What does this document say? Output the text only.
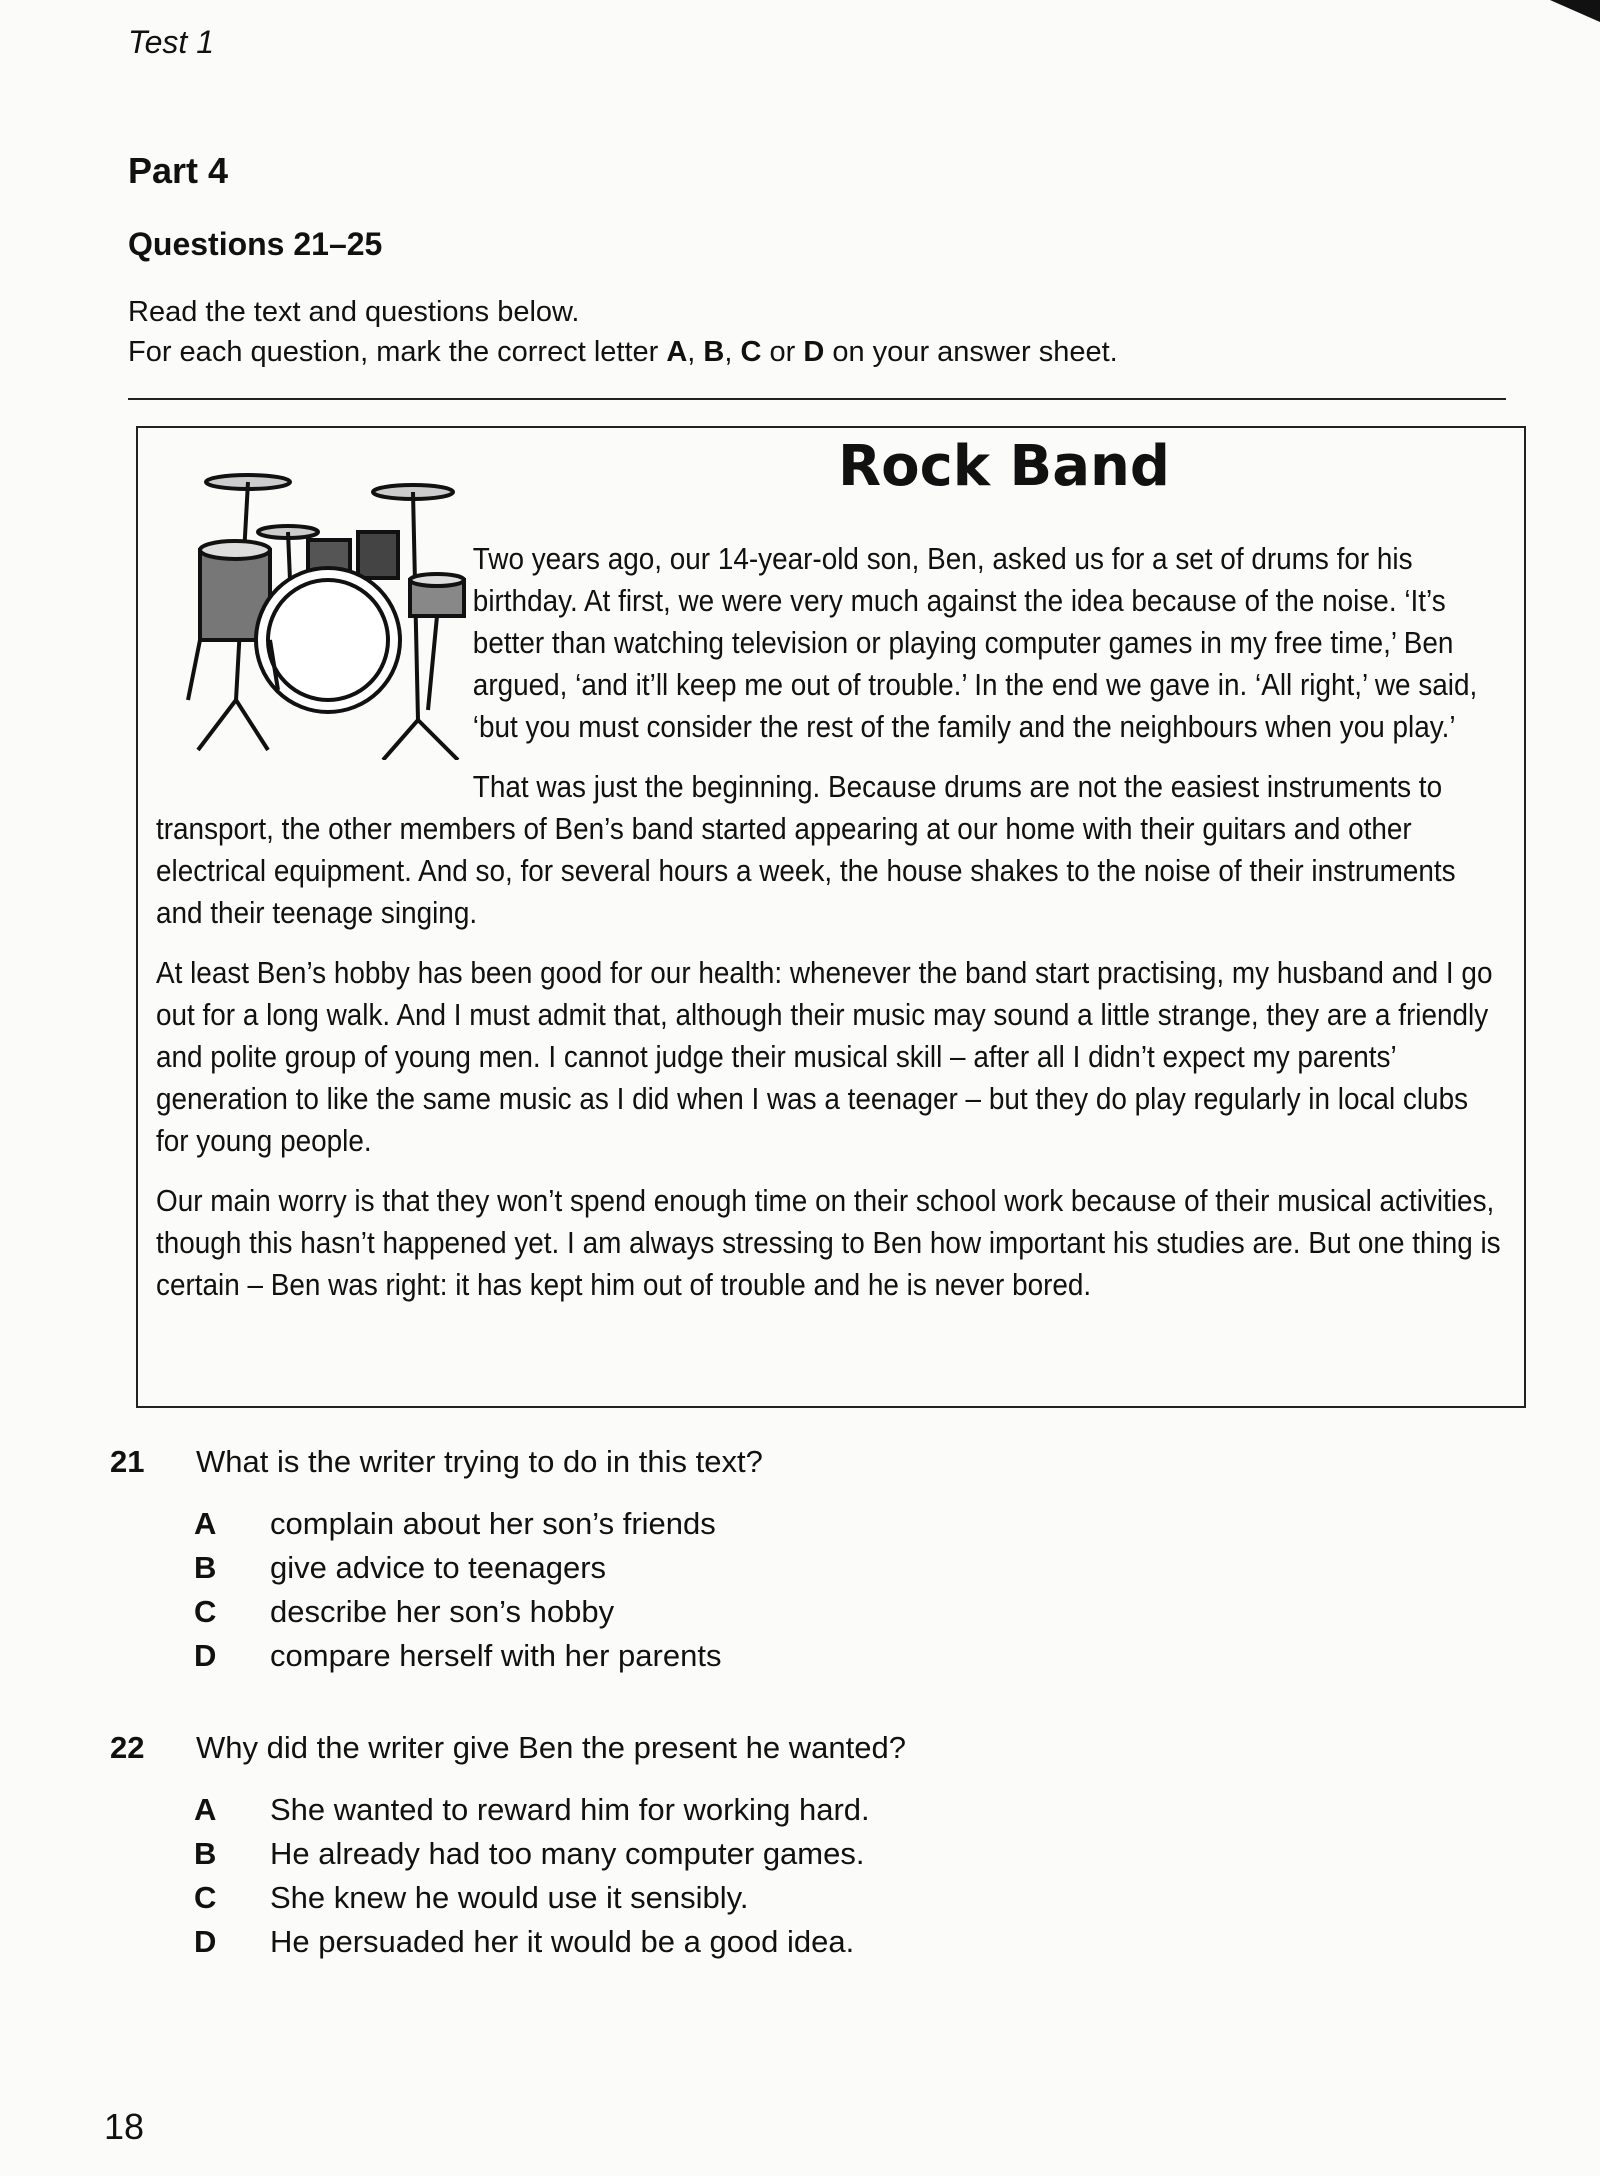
Test 1
Part 4
Questions 21–25
Read the text and questions below.
For each question, mark the correct letter A, B, C or D on your answer sheet.
Rock Band

Two years ago, our 14-year-old son, Ben, asked us for a set of drums for his birthday. At first, we were very much against the idea because of the noise. ‘It’s better than watching television or playing computer games in my free time,’ Ben argued, ‘and it’ll keep me out of trouble.’ In the end we gave in. ‘All right,’ we said, ‘but you must consider the rest of the family and the neighbours when you play.’

That was just the beginning. Because drums are not the easiest instruments to transport, the other members of Ben’s band started appearing at our home with their guitars and other electrical equipment. And so, for several hours a week, the house shakes to the noise of their instruments and their teenage singing.

At least Ben’s hobby has been good for our health: whenever the band start practising, my husband and I go out for a long walk. And I must admit that, although their music may sound a little strange, they are a friendly and polite group of young men. I cannot judge their musical skill – after all I didn’t expect my parents’ generation to like the same music as I did when I was a teenager – but they do play regularly in local clubs for young people.

Our main worry is that they won’t spend enough time on their school work because of their musical activities, though this hasn’t happened yet. I am always stressing to Ben how important his studies are. But one thing is certain – Ben was right: it has kept him out of trouble and he is never bored.

21 What is the writer trying to do in this text?
A complain about her son’s friends
B give advice to teenagers
C describe her son’s hobby
D compare herself with her parents
22 Why did the writer give Ben the present he wanted?
A She wanted to reward him for working hard.
B He already had too many computer games.
C She knew he would use it sensibly.
D He persuaded her it would be a good idea.
18
